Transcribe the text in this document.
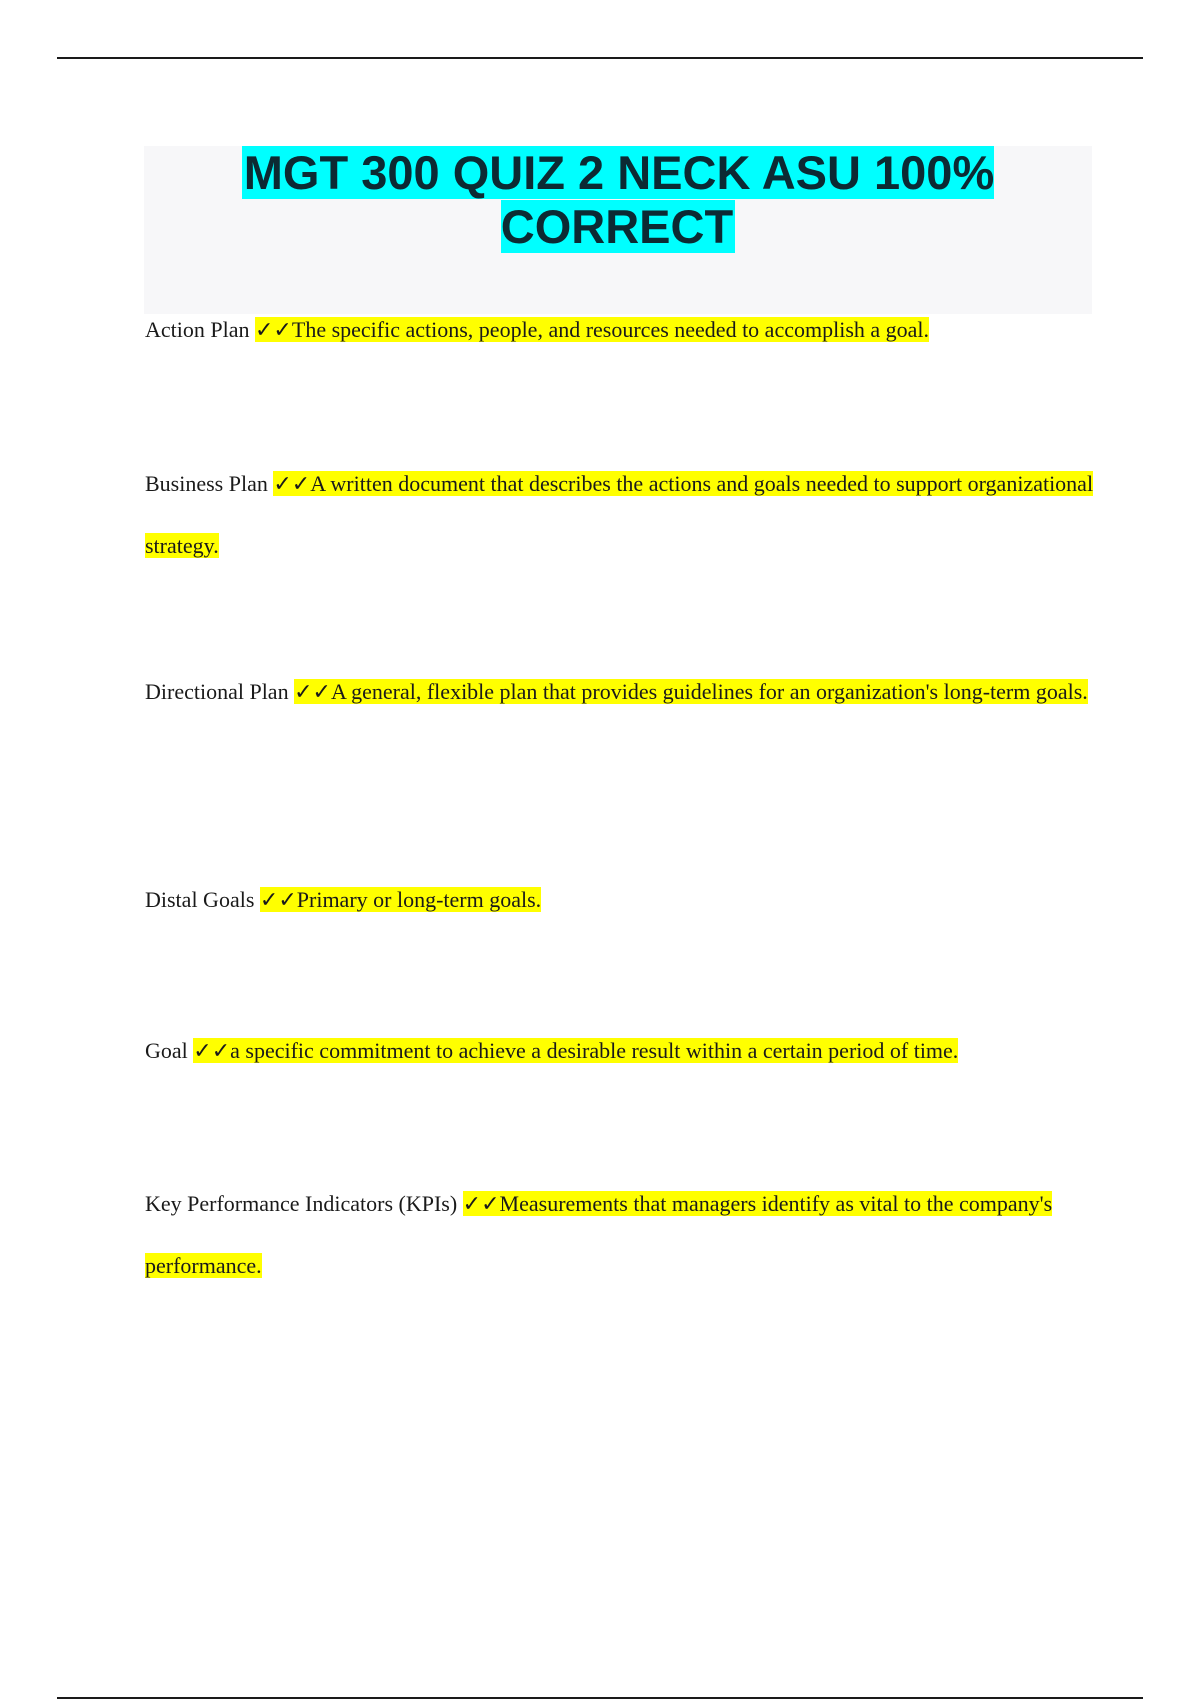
MGT 300 QUIZ 2 NECK ASU 100% CORRECT

Action Plan ✓✓The specific actions, people, and resources needed to accomplish a goal.

Business Plan ✓✓A written document that describes the actions and goals needed to support organizational strategy.

Directional Plan ✓✓A general, flexible plan that provides guidelines for an organization's long-term goals.

Distal Goals ✓✓Primary or long-term goals.

Goal ✓✓a specific commitment to achieve a desirable result within a certain period of time.

Key Performance Indicators (KPIs) ✓✓Measurements that managers identify as vital to the company's performance.
